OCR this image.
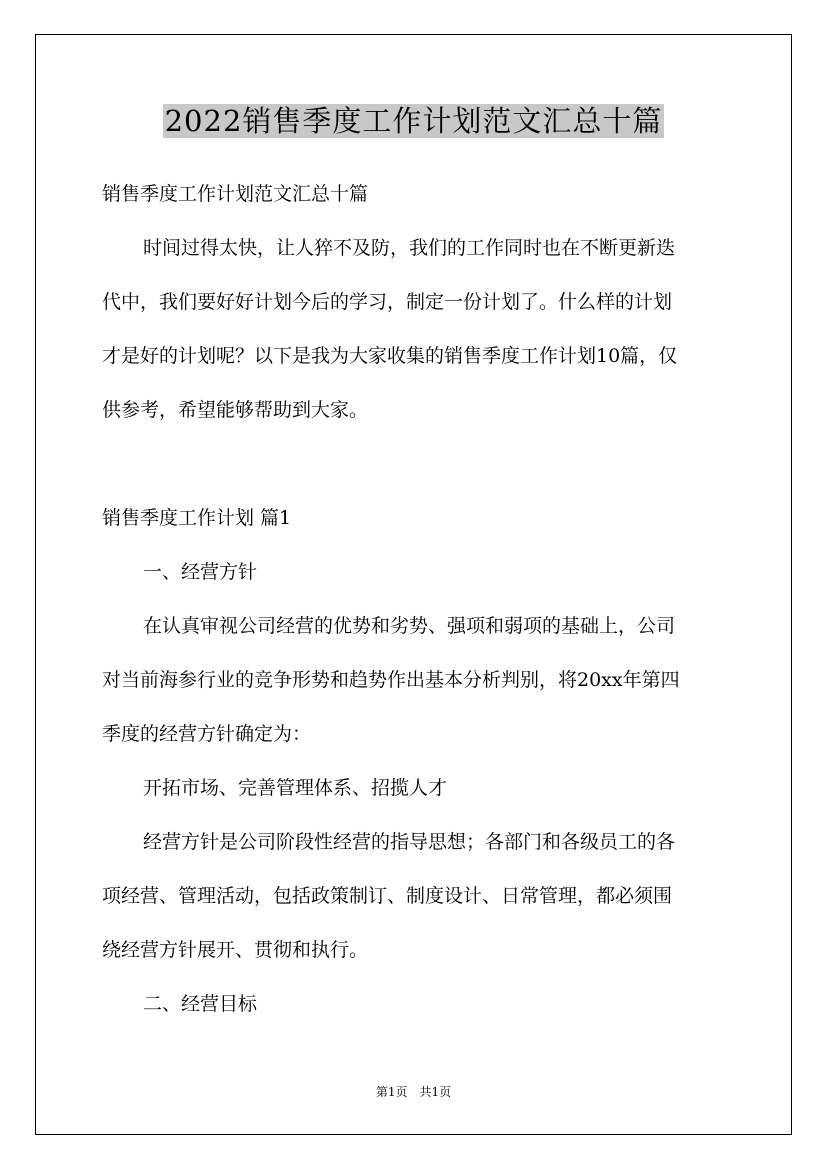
2022销售季度工作计划范文汇总十篇

销售季度工作计划范文汇总十篇

时间过得太快，让人猝不及防，我们的工作同时也在不断更新迭

代中，我们要好好计划今后的学习，制定一份计划了。什么样的计划

才是好的计划呢？以下是我为大家收集的销售季度工作计划10篇，仅

供参考，希望能够帮助到大家。

销售季度工作计划 篇1

一、经营方针

在认真审视公司经营的优势和劣势、强项和弱项的基础上，公司

对当前海参行业的竞争形势和趋势作出基本分析判别，将20xx年第四

季度的经营方针确定为：

开拓市场、完善管理体系、招揽人才

经营方针是公司阶段性经营的指导思想；各部门和各级员工的各

项经营、管理活动，包括政策制订、制度设计、日常管理，都必须围

绕经营方针展开、贯彻和执行。

二、经营目标

第1页　共1页
